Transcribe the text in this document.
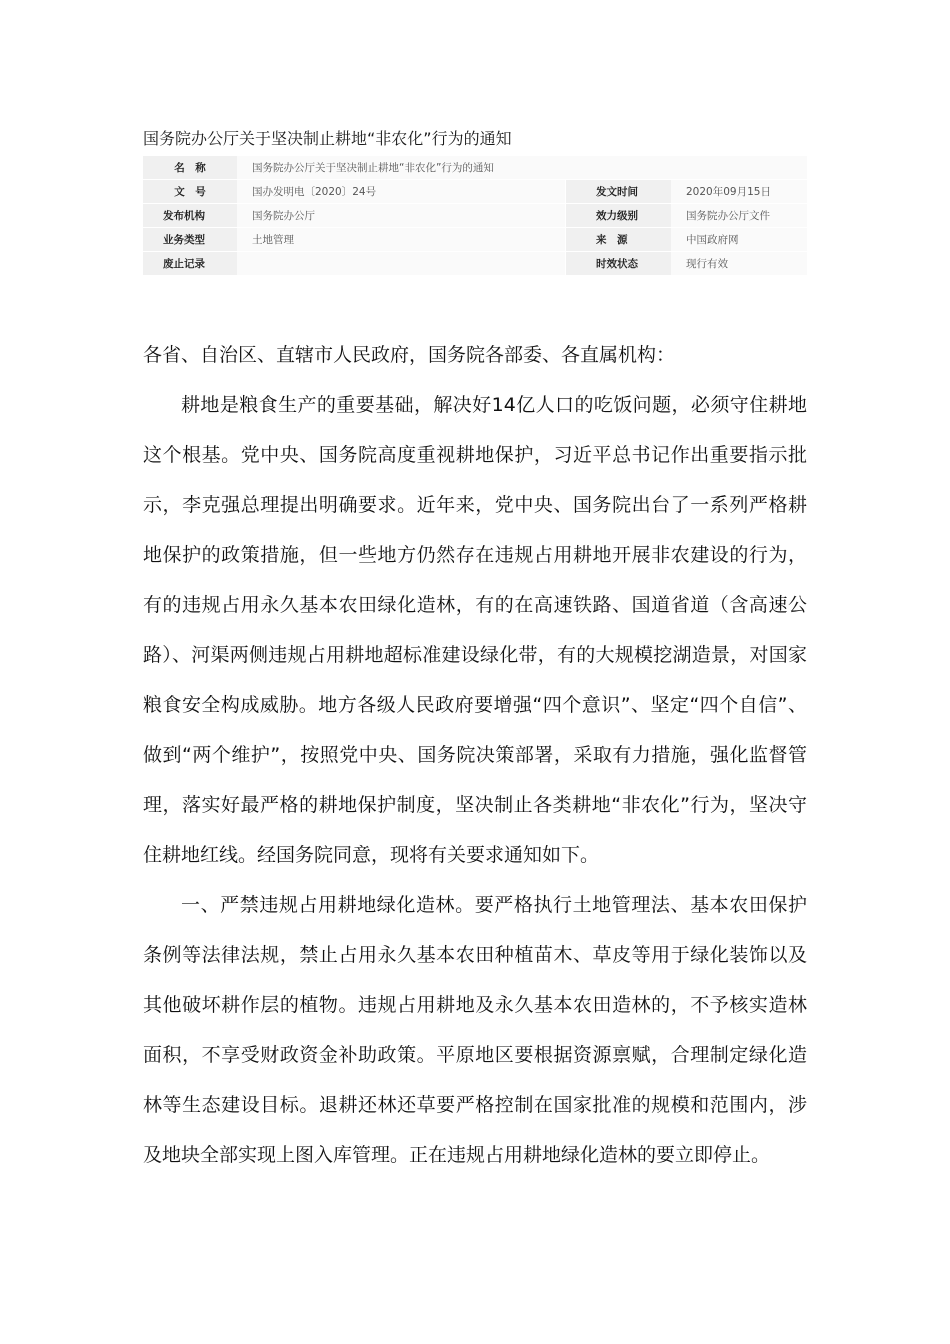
国务院办公厅关于坚决制止耕地“非农化”行为的通知
名　称	国务院办公厅关于坚决制止耕地“非农化”行为的通知		
文　号	国办发明电〔2020〕24号	发文时间	2020年09月15日
发布机构	国务院办公厅	效力级别	国务院办公厅文件
业务类型	土地管理	来　源	中国政府网
废止记录		时效状态	现行有效

各省、自治区、直辖市人民政府，国务院各部委、各直属机构：

耕地是粮食生产的重要基础，解决好14亿人口的吃饭问题，必须守住耕地这个根基。党中央、国务院高度重视耕地保护，习近平总书记作出重要指示批示，李克强总理提出明确要求。近年来，党中央、国务院出台了一系列严格耕地保护的政策措施，但一些地方仍然存在违规占用耕地开展非农建设的行为，有的违规占用永久基本农田绿化造林，有的在高速铁路、国道省道（含高速公路）、河渠两侧违规占用耕地超标准建设绿化带，有的大规模挖湖造景，对国家粮食安全构成威胁。地方各级人民政府要增强“四个意识”、坚定“四个自信”、做到“两个维护”，按照党中央、国务院决策部署，采取有力措施，强化监督管理，落实好最严格的耕地保护制度，坚决制止各类耕地“非农化”行为，坚决守住耕地红线。经国务院同意，现将有关要求通知如下。

一、严禁违规占用耕地绿化造林。要严格执行土地管理法、基本农田保护条例等法律法规，禁止占用永久基本农田种植苗木、草皮等用于绿化装饰以及其他破坏耕作层的植物。违规占用耕地及永久基本农田造林的，不予核实造林面积，不享受财政资金补助政策。平原地区要根据资源禀赋，合理制定绿化造林等生态建设目标。退耕还林还草要严格控制在国家批准的规模和范围内，涉及地块全部实现上图入库管理。正在违规占用耕地绿化造林的要立即停止。
